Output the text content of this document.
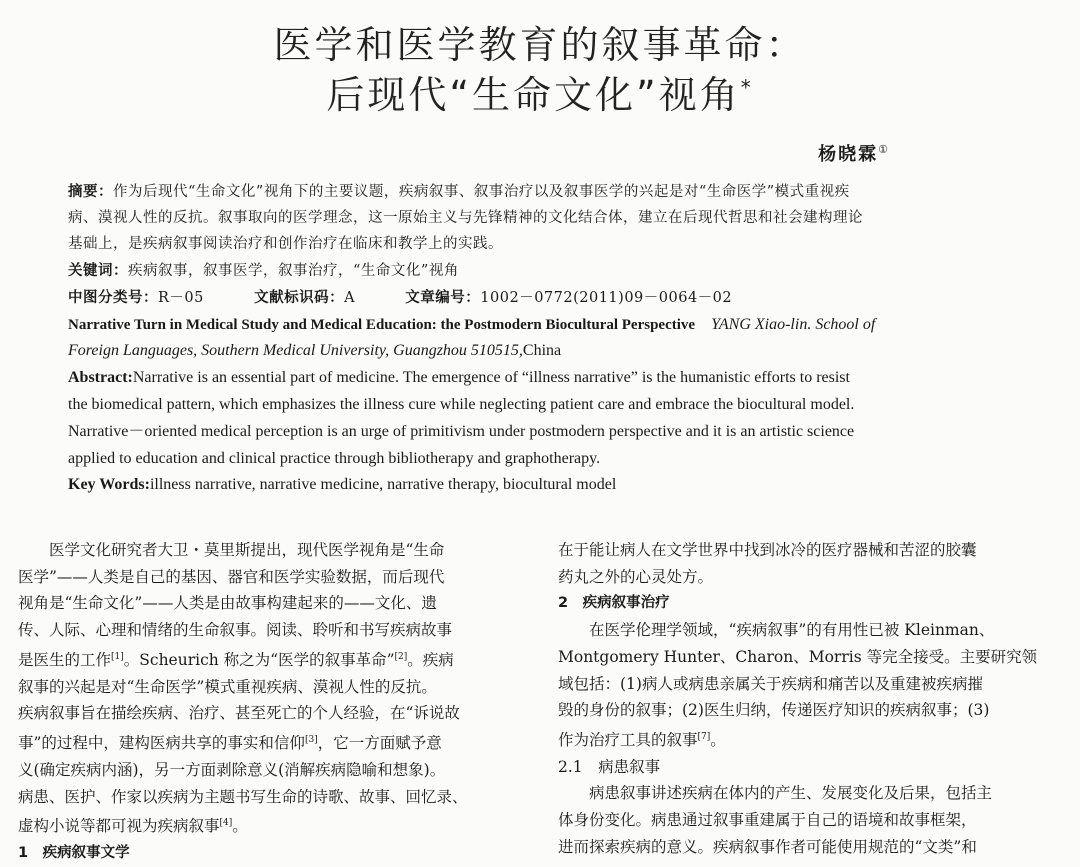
医学和医学教育的叙事革命：
后现代“生命文化”视角*
杨晓霖①
摘要：作为后现代“生命文化”视角下的主要议题，疾病叙事、叙事治疗以及叙事医学的兴起是对“生命医学”模式重视疾
病、漠视人性的反抗。叙事取向的医学理念，这一原始主义与先锋精神的文化结合体，建立在后现代哲思和社会建构理论
基础上，是疾病叙事阅读治疗和创作治疗在临床和教学上的实践。
关键词：疾病叙事，叙事医学，叙事治疗，“生命文化”视角
中图分类号：R－05	文献标识码：A	文章编号：1002－0772(2011)09－0064－02
Narrative Turn in Medical Study and Medical Education: the Postmodern Biocultural Perspective　 YANG Xiao-lin. School of
Foreign Languages, Southern Medical University, Guangzhou 510515,China
Abstract:Narrative is an essential part of medicine. The emergence of “illness narrative” is the humanistic efforts to resist
the biomedical pattern, which emphasizes the illness cure while neglecting patient care and embrace the biocultural model.
Narrative－oriented medical perception is an urge of primitivism under postmodern perspective and it is an artistic science
applied to education and clinical practice through bibliotherapy and graphotherapy.
Key Words:illness narrative, narrative medicine, narrative therapy, biocultural model

医学文化研究者大卫・莫里斯提出，现代医学视角是“生命

医学”——人类是自己的基因、器官和医学实验数据，而后现代

视角是“生命文化”——人类是由故事构建起来的——文化、遗

传、人际、心理和情绪的生命叙事。阅读、聆听和书写疾病故事

是医生的工作[1]。Scheurich 称之为“医学的叙事革命”[2]。疾病

叙事的兴起是对“生命医学”模式重视疾病、漠视人性的反抗。

疾病叙事旨在描绘疾病、治疗、甚至死亡的个人经验，在“诉说故

事”的过程中，建构医病共享的事实和信仰[3]，它一方面赋予意

义(确定疾病内涵)，另一方面剥除意义(消解疾病隐喻和想象)。

病患、医护、作家以疾病为主题书写生命的诗歌、故事、回忆录、

虚构小说等都可视为疾病叙事[4]。

1　疾病叙事文学

在于能让病人在文学世界中找到冰冷的医疗器械和苦涩的胶囊

药丸之外的心灵处方。

2　疾病叙事治疗

在医学伦理学领域，“疾病叙事”的有用性已被 Kleinman、

Montgomery Hunter、Charon、Morris 等完全接受。主要研究领

域包括：(1)病人或病患亲属关于疾病和痛苦以及重建被疾病摧

毁的身份的叙事；(2)医生归纳，传递医疗知识的疾病叙事；(3)

作为治疗工具的叙事[7]。

2.1　病患叙事

病患叙事讲述疾病在体内的产生、发展变化及后果，包括主

体身份变化。病患通过叙事重建属于自己的语境和故事框架，

进而探索疾病的意义。疾病叙事作者可能使用规范的“文类”和
